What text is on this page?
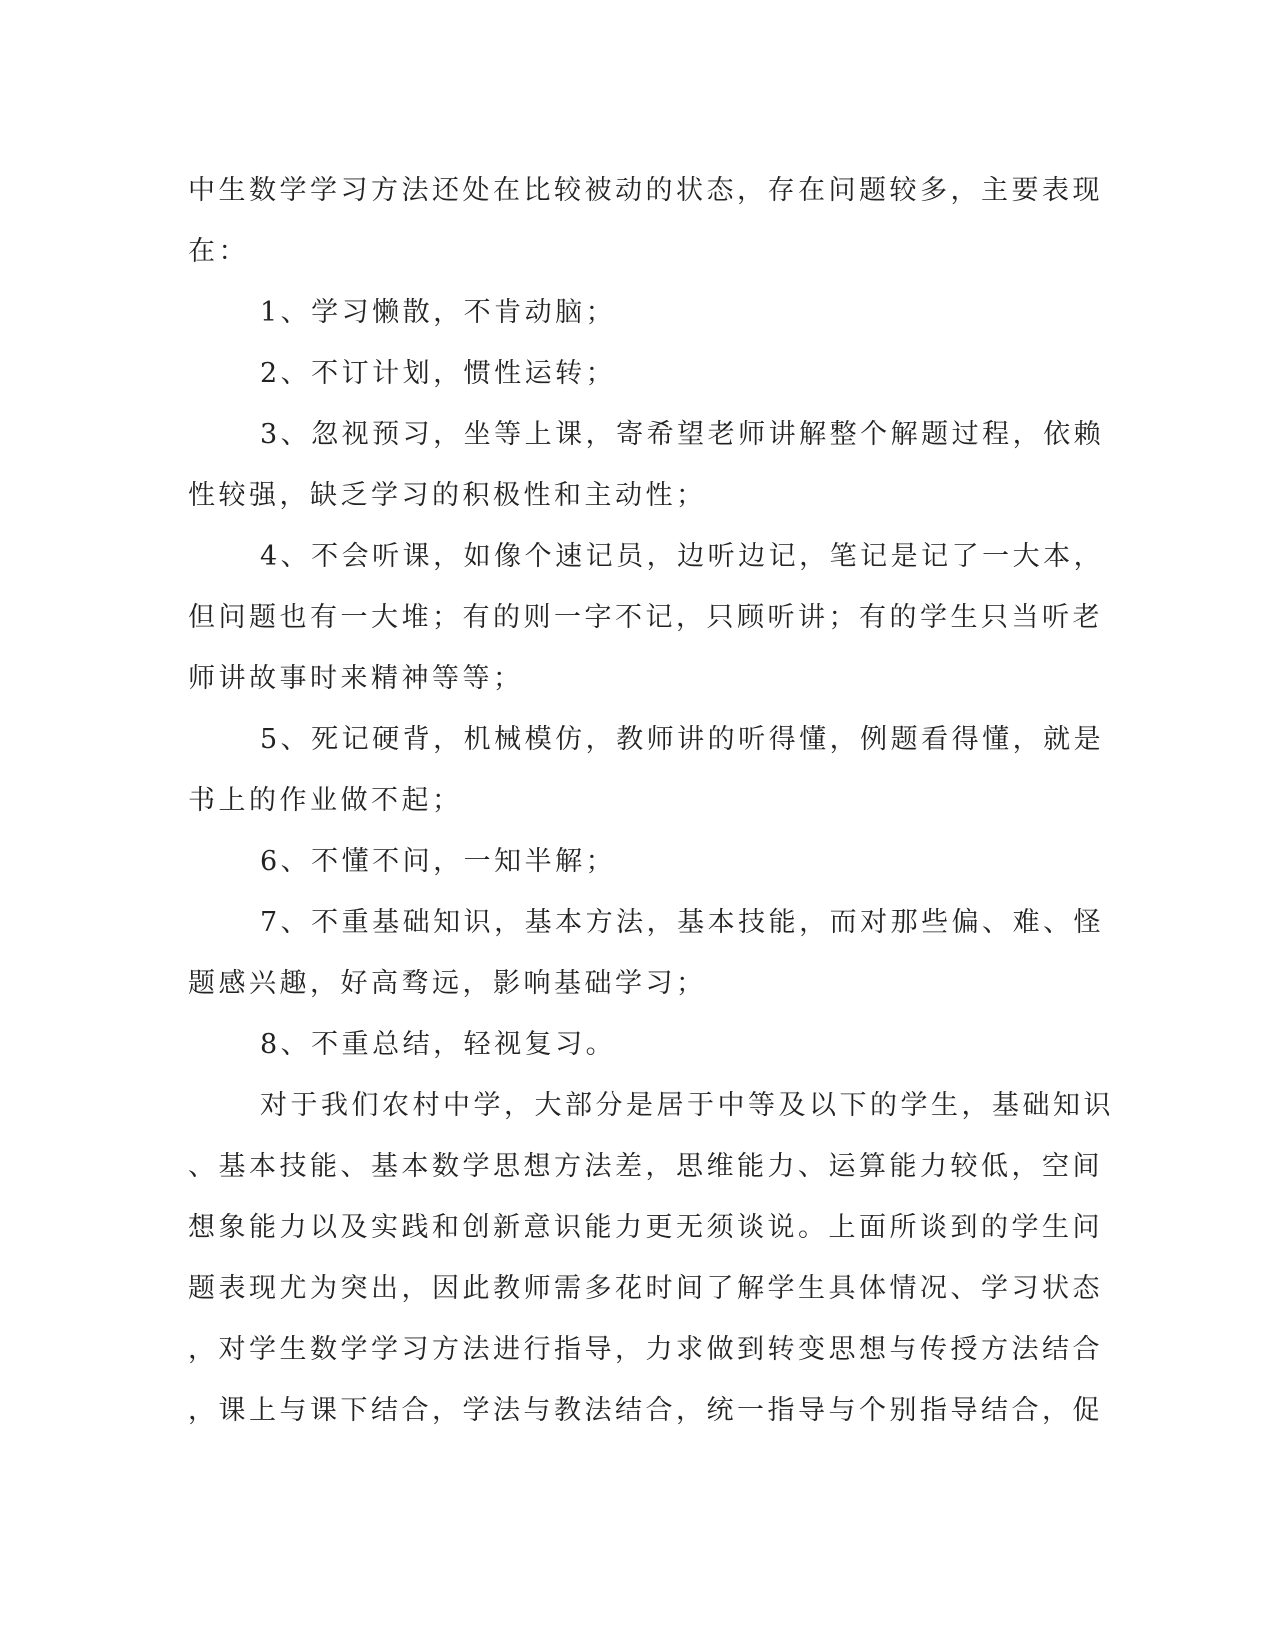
中生数学学习方法还处在比较被动的状态，存在问题较多，主要表现
在：
1、学习懒散，不肯动脑；
2、不订计划，惯性运转；
3、忽视预习，坐等上课，寄希望老师讲解整个解题过程，依赖
性较强，缺乏学习的积极性和主动性；
4、不会听课，如像个速记员，边听边记，笔记是记了一大本，
但问题也有一大堆；有的则一字不记，只顾听讲；有的学生只当听老
师讲故事时来精神等等；
5、死记硬背，机械模仿，教师讲的听得懂，例题看得懂，就是
书上的作业做不起；
6、不懂不问，一知半解；
7、不重基础知识，基本方法，基本技能，而对那些偏、难、怪
题感兴趣，好高骛远，影响基础学习；
8、不重总结，轻视复习。
对于我们农村中学，大部分是居于中等及以下的学生，基础知识
、基本技能、基本数学思想方法差，思维能力、运算能力较低，空间
想象能力以及实践和创新意识能力更无须谈说。上面所谈到的学生问
题表现尤为突出，因此教师需多花时间了解学生具体情况、学习状态
，对学生数学学习方法进行指导，力求做到转变思想与传授方法结合
，课上与课下结合，学法与教法结合，统一指导与个别指导结合，促
